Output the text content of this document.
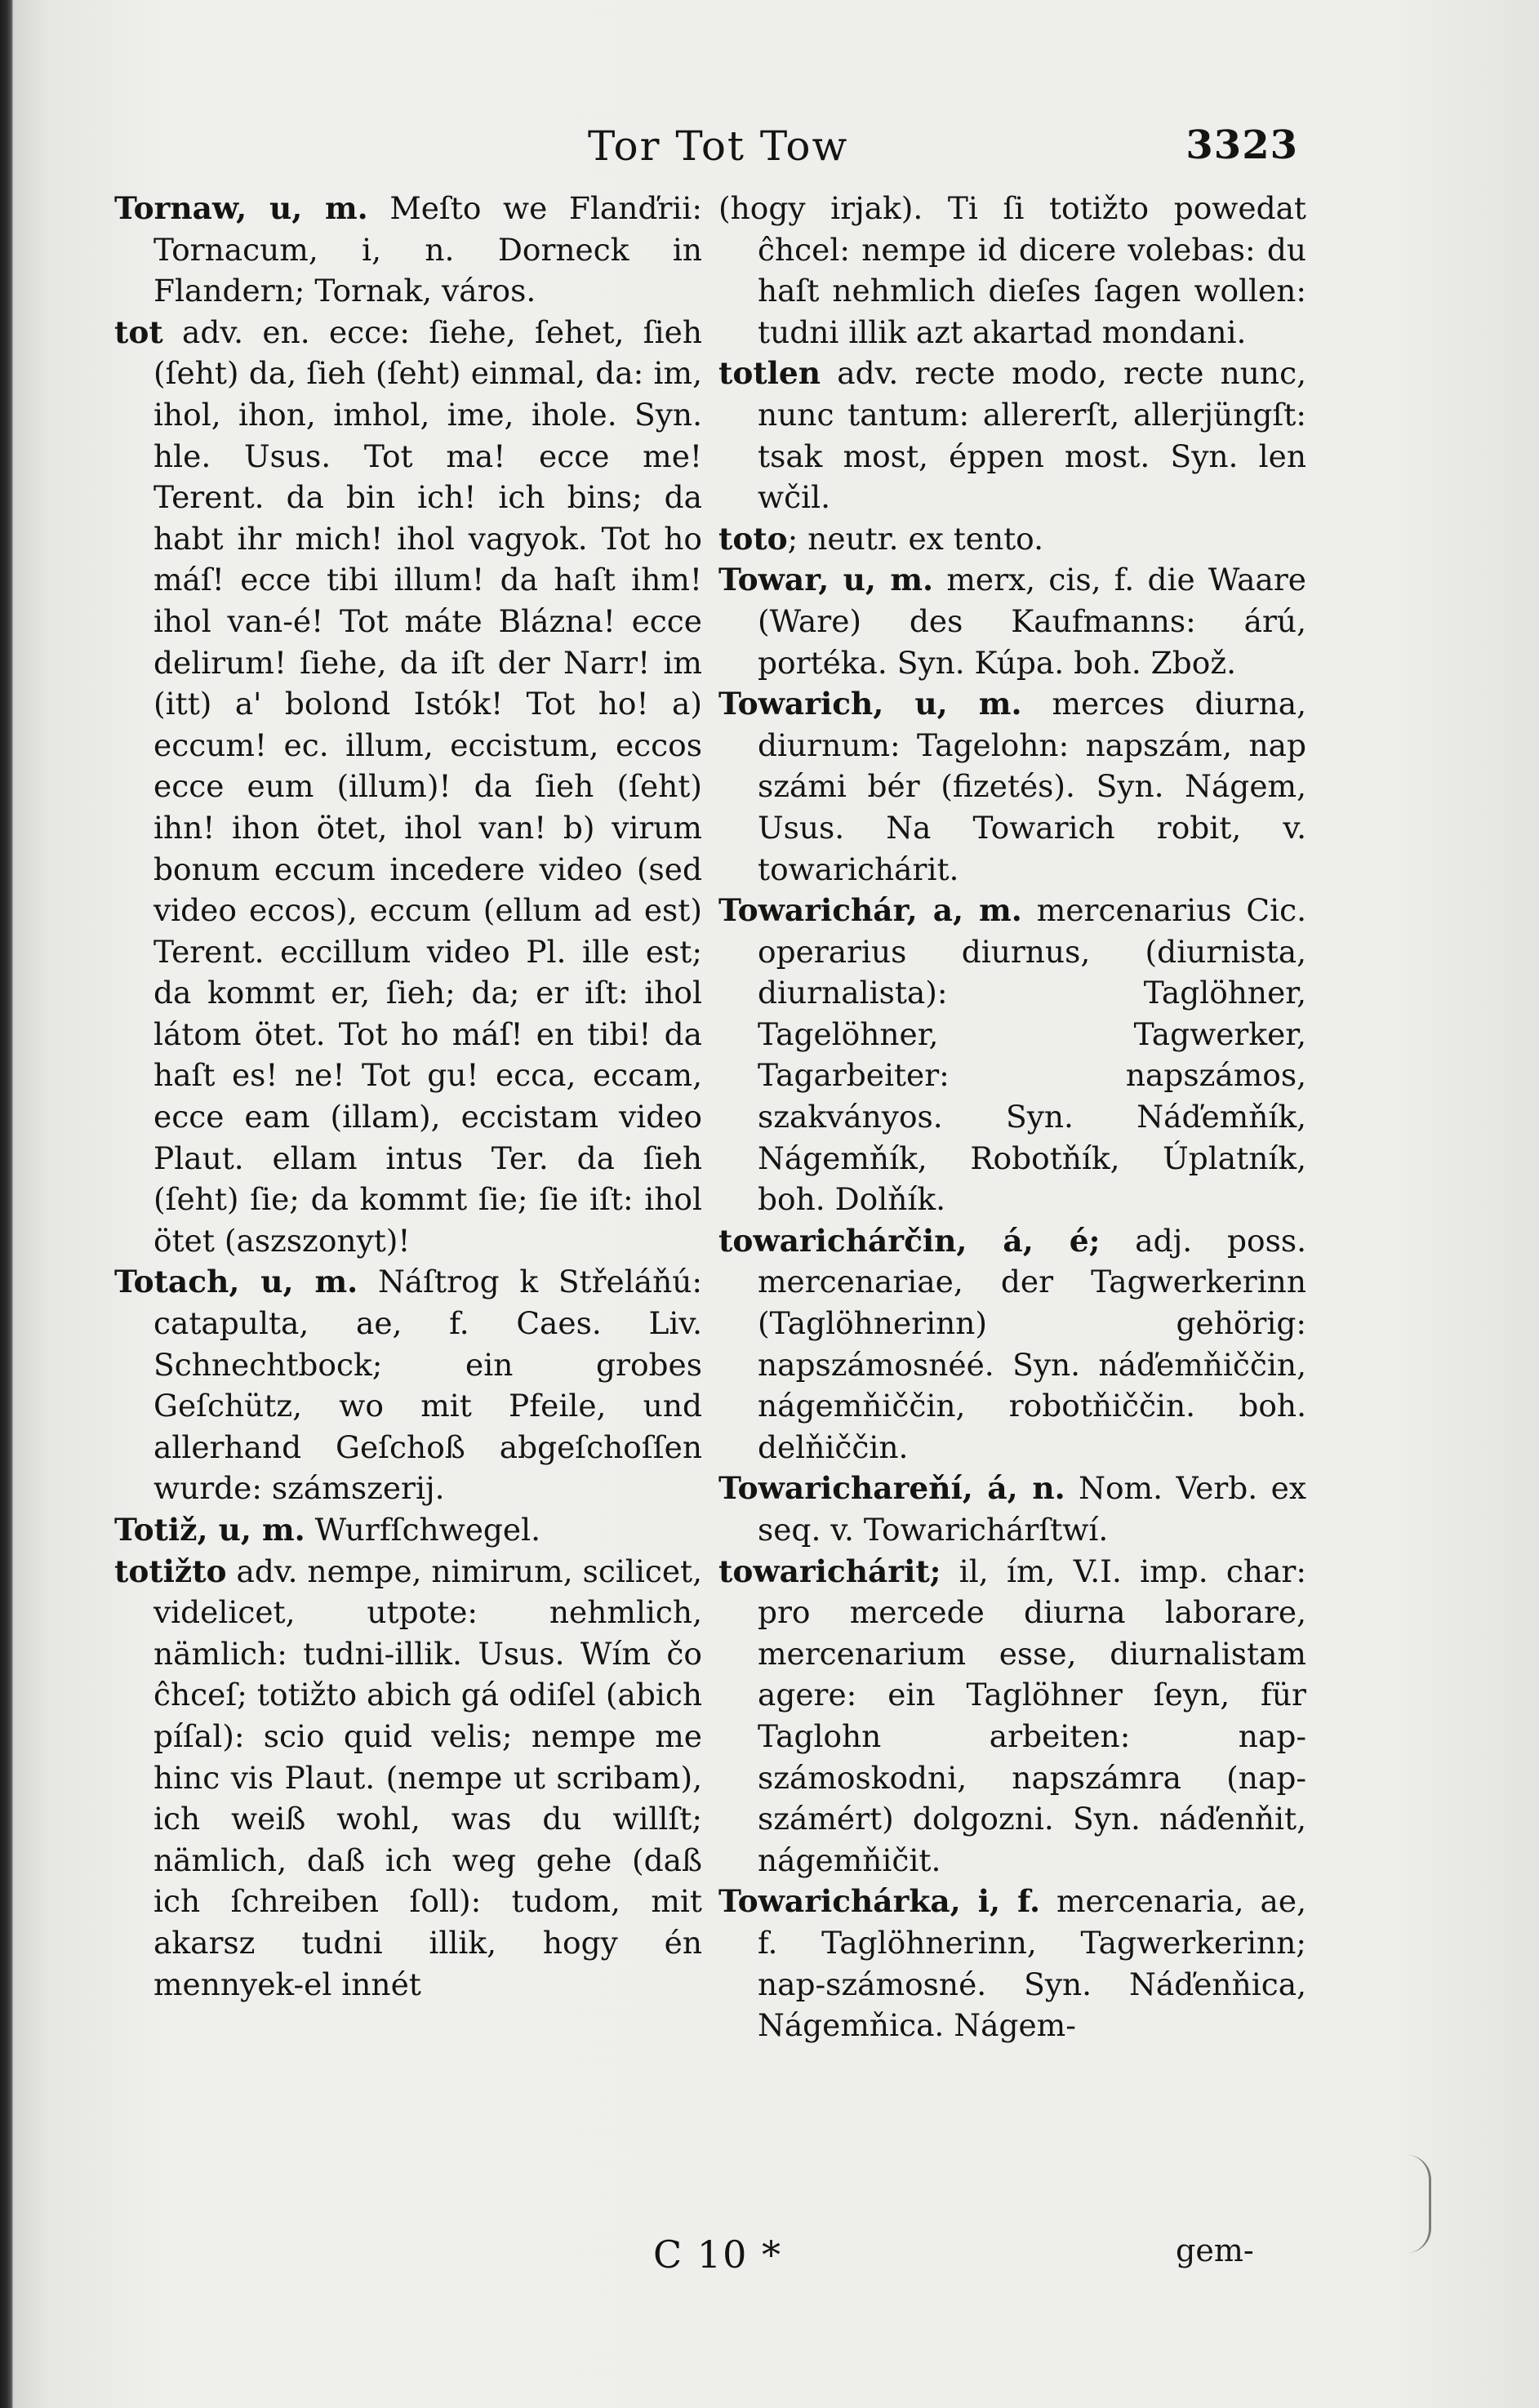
Tor Tot Tow	3323

Tornaw, u, m. Meſto we Flanďrii: Tornacum, i, n. Dorneck in Flandern; Tornak, város.

tot adv. en. ecce: ſiehe, ſehet, ſieh (ſeht) da, ſieh (ſeht) einmal, da: im, ihol, ihon, imhol, ime, ihole. Syn. hle. Usus. Tot ma! ecce me! Terent. da bin ich! ich bins; da habt ihr mich! ihol vagyok. Tot ho máſ! ecce tibi illum! da haſt ihm! ihol van-é! Tot máte Blázna! ecce delirum! ſiehe, da iſt der Narr! im (itt) a' bolond Istók! Tot ho! a) eccum! ec. illum, eccistum, eccos ecce eum (illum)! da ſieh (ſeht) ihn! ihon ötet, ihol van! b) virum bonum eccum incedere video (sed video eccos), eccum (ellum ad est) Terent. eccillum video Pl. ille est; da kommt er, ſieh; da; er iſt: ihol látom ötet. Tot ho máſ! en tibi! da haſt es! ne! Tot gu! ecca, eccam, ecce eam (illam), eccistam video Plaut. ellam intus Ter. da ſieh (ſeht) ſie; da kommt ſie; ſie iſt: ihol ötet (aszszonyt)!

Totach, u, m. Náſtrog k Střeláňú: catapulta, ae, f. Caes. Liv. Schnechtbock; ein grobes Geſchütz, wo mit Pfeile, und allerhand Geſchoß abgeſchoſſen wurde: számszerij.

Totiž, u, m. Wurfſchwegel.

totižto adv. nempe, nimirum, scilicet, videlicet, utpote: nehmlich, nämlich: tudni-illik. Usus. Wím čo ĉhceſ; totižto abich gá odiſel (abich píſal): scio quid velis; nempe me hinc vis Plaut. (nempe ut scribam), ich weiß wohl, was du willſt; nämlich, daß ich weg gehe (daß ich ſchreiben ſoll): tudom, mit akarsz tudni illik, hogy én mennyek-el innét

(hogy irjak). Ti ſi totižto powedat ĉhcel: nempe id dicere volebas: du haſt nehmlich dieſes ſagen wollen: tudni illik azt akartad mondani.

totlen adv. recte modo, recte nunc, nunc tantum: allererſt, allerjüngſt: tsak most, éppen most. Syn. len wčil.

toto; neutr. ex tento.

Towar, u, m. merx, cis, f. die Waare (Ware) des Kaufmanns: árú, portéka. Syn. Kúpa. boh. Zbož.

Towarich, u, m. merces diurna, diurnum: Tagelohn: napszám, nap számi bér (fizetés). Syn. Nágem, Usus. Na Towarich robit, v. towarichárit.

Towarichár, a, m. mercenarius Cic. operarius diurnus, (diurnista, diurnalista): Taglöhner, Tagelöhner, Tagwerker, Tagarbeiter: napszámos, szakványos. Syn. Náďemňík, Nágemňík, Robotňík, Úplatník, boh. Dolňík.

towarichárčin, á, é; adj. poss. mercenariae, der Tagwerkerinn (Taglöhnerinn) gehörig: napszámosnéé. Syn. náďemňiččin, nágemňiččin, robotňiččin. boh. delňiččin.

Towarichareňí, á, n. Nom. Verb. ex seq. v. Towarichárſtwí.

towarichárit; il, ím, V.I. imp. char: pro mercede diurna laborare, mercenarium esse, diurnalistam agere: ein Taglöhner ſeyn, für Taglohn arbeiten: nap-számoskodni, napszámra (nap-számért) dolgozni. Syn. náďenňit, nágemňičit.

Towarichárka, i, f. mercenaria, ae, f. Taglöhnerinn, Tagwerkerinn; nap-számosné. Syn. Náďenňica, Nágemňica. Nágem-

C 10 *	gem-
